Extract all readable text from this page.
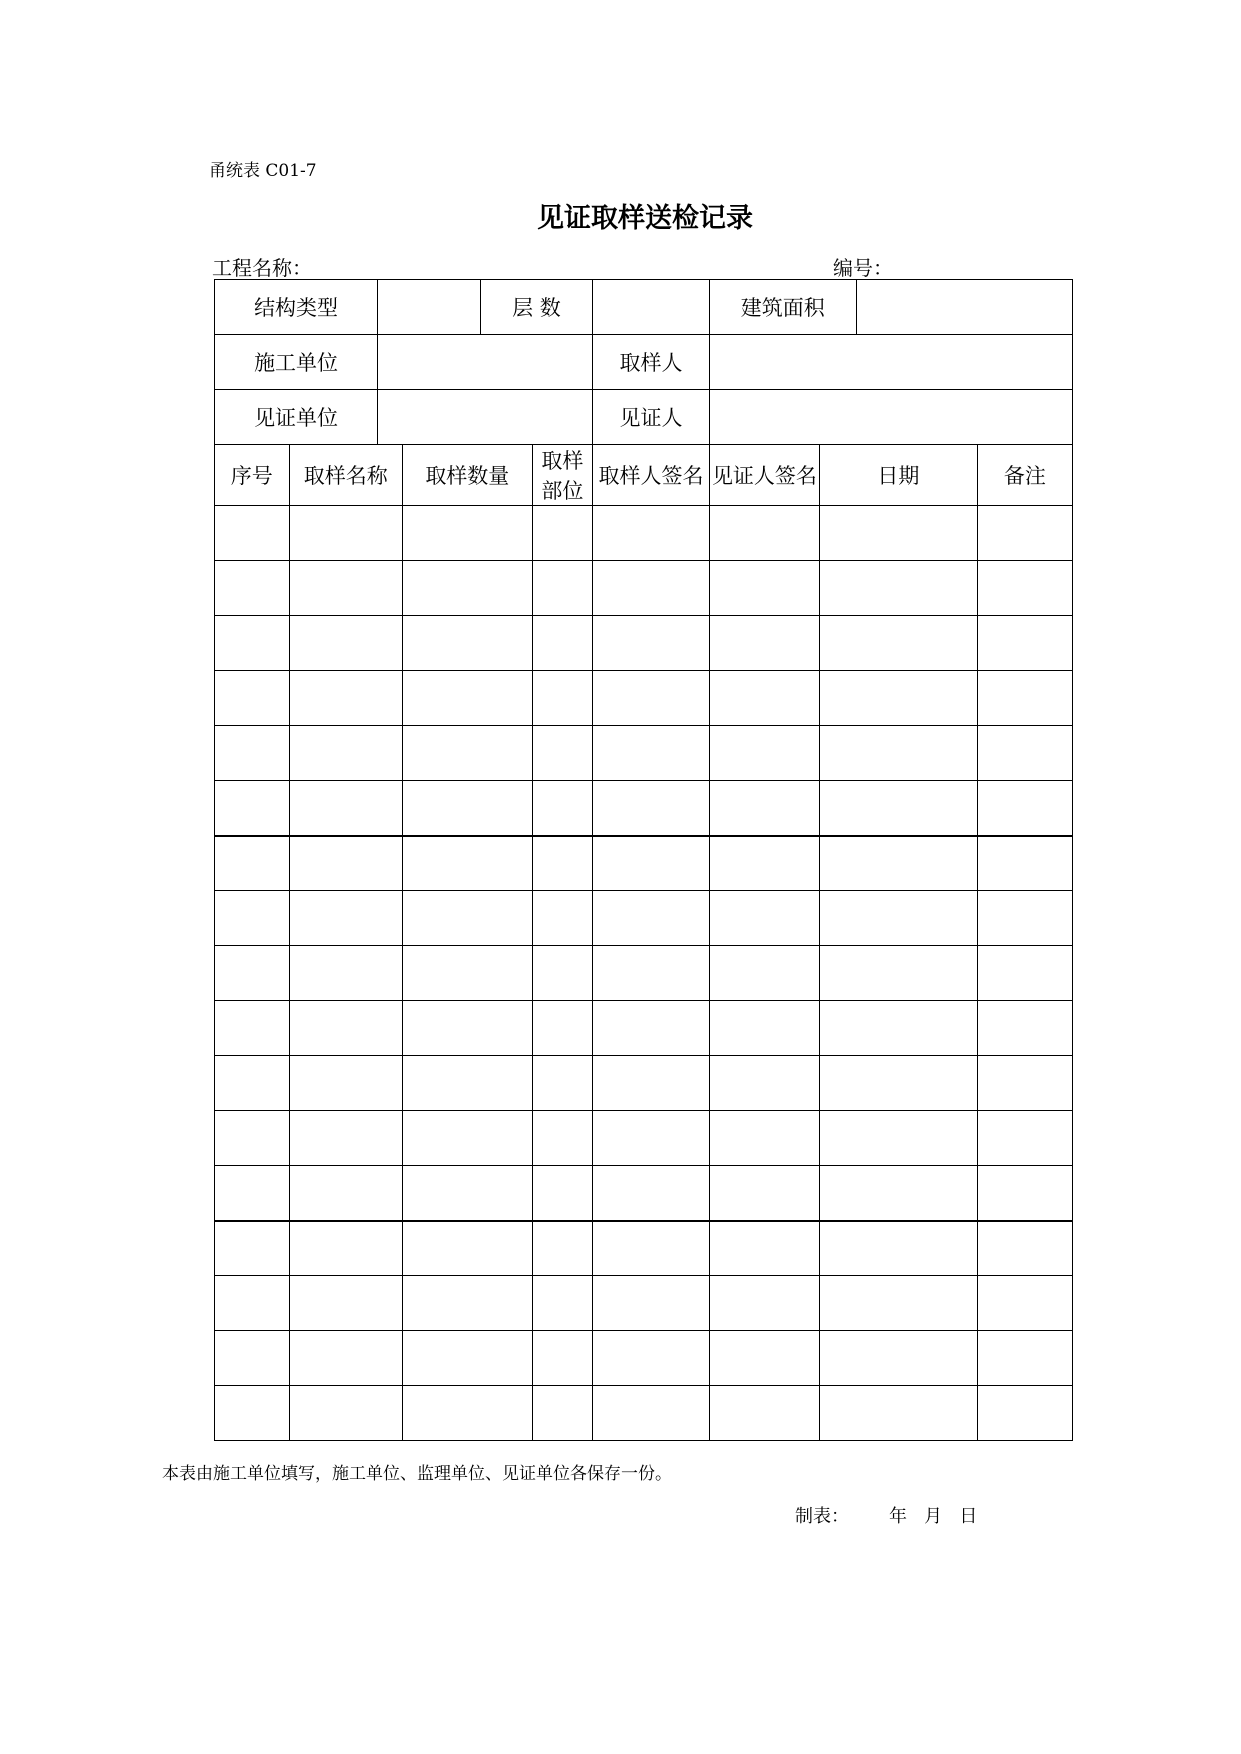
甬统表 C01-7
见证取样送检记录
工程名称：	编号：
结构类型				层 数			建筑面积			
施工单位						取样人				
见证单位						见证人				
序号	取样名称		取样数量		取样部位	取样人签名	见证人签名	日期		备注

本表由施工单位填写，施工单位、监理单位、见证单位各保存一份。
制表： 年   月   日
